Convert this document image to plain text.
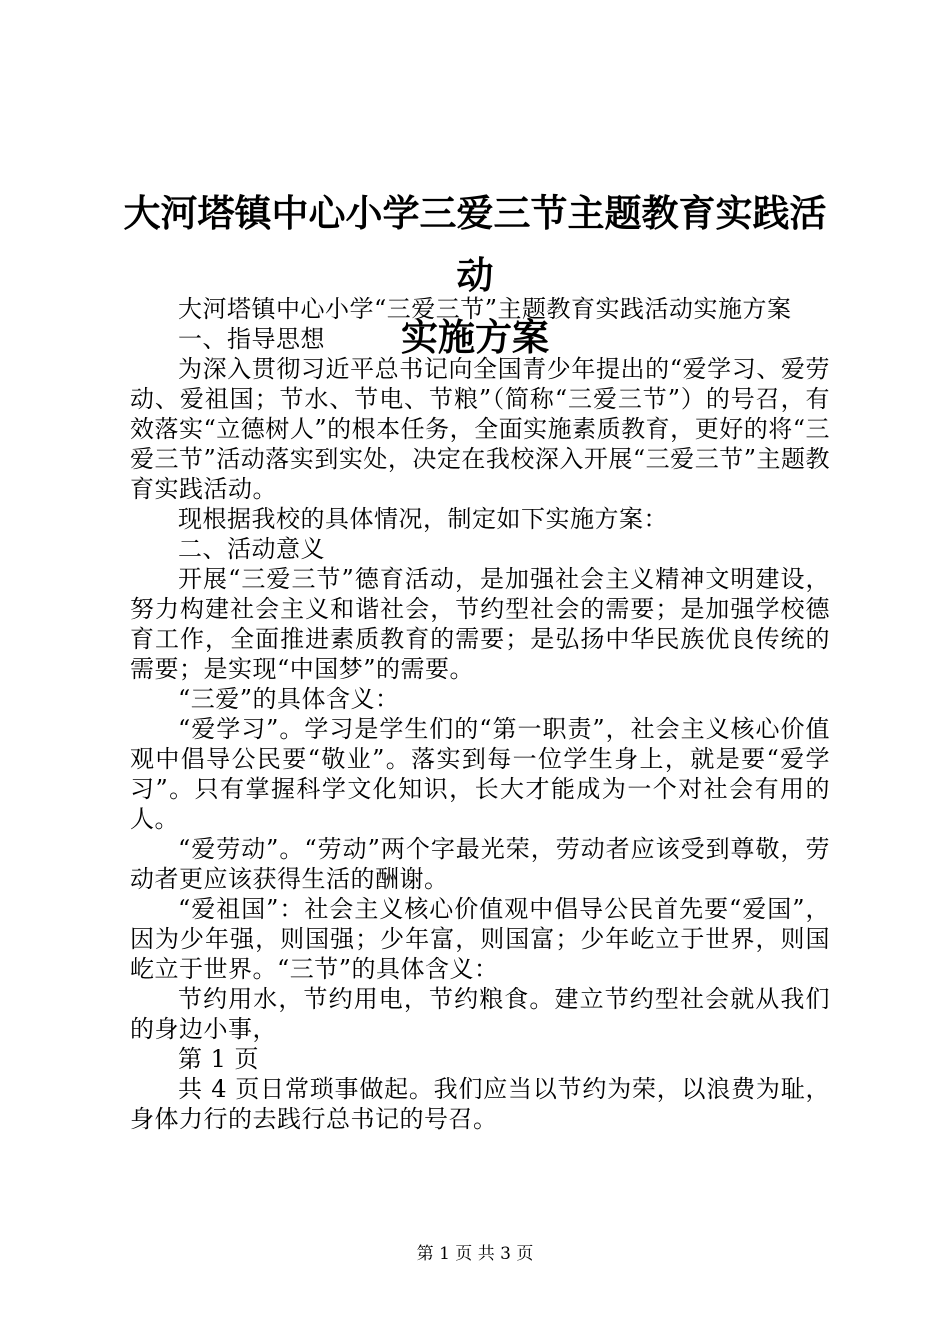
大河塔镇中心小学三爱三节主题教育实践活动
实施方案

大河塔镇中心小学“三爱三节”主题教育实践活动实施方案

一、指导思想

为深入贯彻习近平总书记向全国青少年提出的“爱学习、爱劳动、爱祖国；节水、节电、节粮”（简称“三爱三节”）的号召，有效落实“立德树人”的根本任务，全面实施素质教育，更好的将“三爱三节”活动落实到实处，决定在我校深入开展“三爱三节”主题教育实践活动。

现根据我校的具体情况，制定如下实施方案：

二、活动意义

开展“三爱三节”德育活动，是加强社会主义精神文明建设，努力构建社会主义和谐社会，节约型社会的需要；是加强学校德育工作，全面推进素质教育的需要；是弘扬中华民族优良传统的需要；是实现“中国梦”的需要。

“三爱”的具体含义：

“爱学习”。学习是学生们的“第一职责”，社会主义核心价值观中倡导公民要“敬业”。落实到每一位学生身上，就是要“爱学习”。只有掌握科学文化知识，长大才能成为一个对社会有用的人。

“爱劳动”。“劳动”两个字最光荣，劳动者应该受到尊敬，劳动者更应该获得生活的酬谢。

“爱祖国”：社会主义核心价值观中倡导公民首先要“爱国”，因为少年强，则国强；少年富，则国富；少年屹立于世界，则国屹立于世界。“三节”的具体含义：

节约用水，节约用电，节约粮食。建立节约型社会就从我们的身边小事，

第 1 页

共 4 页日常琐事做起。我们应当以节约为荣，以浪费为耻，身体力行的去践行总书记的号召。

第 1 页 共 3 页
